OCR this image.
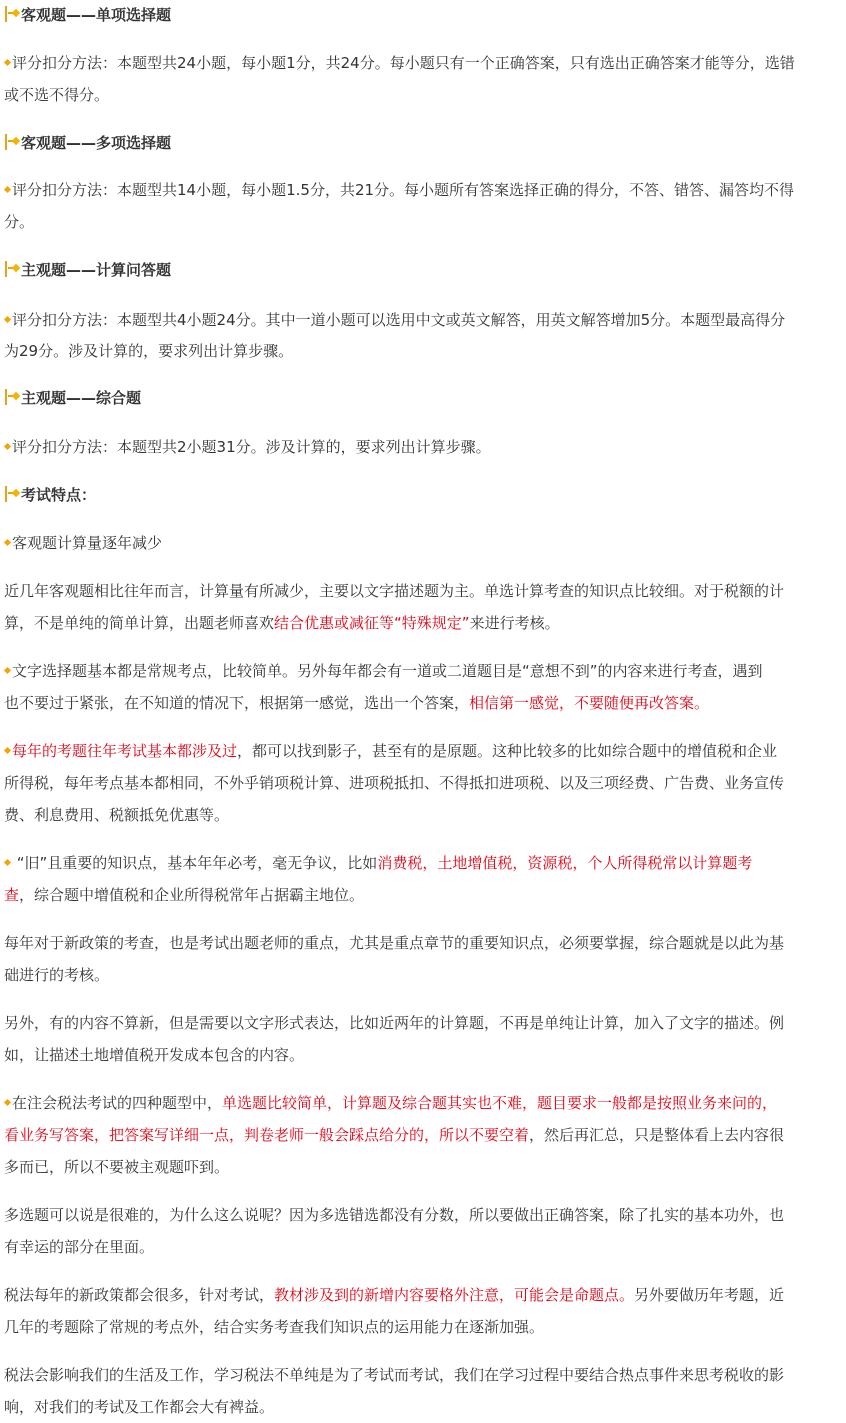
客观题——单项选择题
评分扣分方法：本题型共24小题，每小题1分，共24分。每小题只有一个正确答案，只有选出正确答案才能等分，选错
或不选不得分。
客观题——多项选择题
评分扣分方法：本题型共14小题，每小题1.5分，共21分。每小题所有答案选择正确的得分，不答、错答、漏答均不得
分。
主观题——计算问答题
评分扣分方法：本题型共4小题24分。其中一道小题可以选用中文或英文解答，用英文解答增加5分。本题型最高得分
为29分。涉及计算的，要求列出计算步骤。
主观题——综合题
评分扣分方法：本题型共2小题31分。涉及计算的，要求列出计算步骤。
考试特点：
客观题计算量逐年减少
近几年客观题相比往年而言，计算量有所减少，主要以文字描述题为主。单选计算考查的知识点比较细。对于税额的计
算，不是单纯的简单计算，出题老师喜欢结合优惠或减征等“特殊规定”来进行考核。
文字选择题基本都是常规考点，比较简单。另外每年都会有一道或二道题目是“意想不到”的内容来进行考查，遇到
也不要过于紧张，在不知道的情况下，根据第一感觉，选出一个答案，相信第一感觉，不要随便再改答案。
每年的考题往年考试基本都涉及过，都可以找到影子，甚至有的是原题。这种比较多的比如综合题中的增值税和企业
所得税，每年考点基本都相同，不外乎销项税计算、进项税抵扣、不得抵扣进项税、以及三项经费、广告费、业务宣传
费、利息费用、税额抵免优惠等。
“旧”且重要的知识点，基本年年必考，毫无争议，比如消费税，土地增值税，资源税，个人所得税常以计算题考
查，综合题中增值税和企业所得税常年占据霸主地位。
每年对于新政策的考查，也是考试出题老师的重点，尤其是重点章节的重要知识点，必须要掌握，综合题就是以此为基
础进行的考核。
另外，有的内容不算新，但是需要以文字形式表达，比如近两年的计算题，不再是单纯让计算，加入了文字的描述。例
如，让描述土地增值税开发成本包含的内容。
在注会税法考试的四种题型中，单选题比较简单，计算题及综合题其实也不难，题目要求一般都是按照业务来问的，
看业务写答案，把答案写详细一点，判卷老师一般会踩点给分的，所以不要空着，然后再汇总，只是整体看上去内容很
多而已，所以不要被主观题吓到。
多选题可以说是很难的，为什么这么说呢？因为多选错选都没有分数，所以要做出正确答案，除了扎实的基本功外，也
有幸运的部分在里面。
税法每年的新政策都会很多，针对考试，教材涉及到的新增内容要格外注意，可能会是命题点。另外要做历年考题，近
几年的考题除了常规的考点外，结合实务考查我们知识点的运用能力在逐渐加强。
税法会影响我们的生活及工作，学习税法不单纯是为了考试而考试，我们在学习过程中要结合热点事件来思考税收的影
响，对我们的考试及工作都会大有裨益。
